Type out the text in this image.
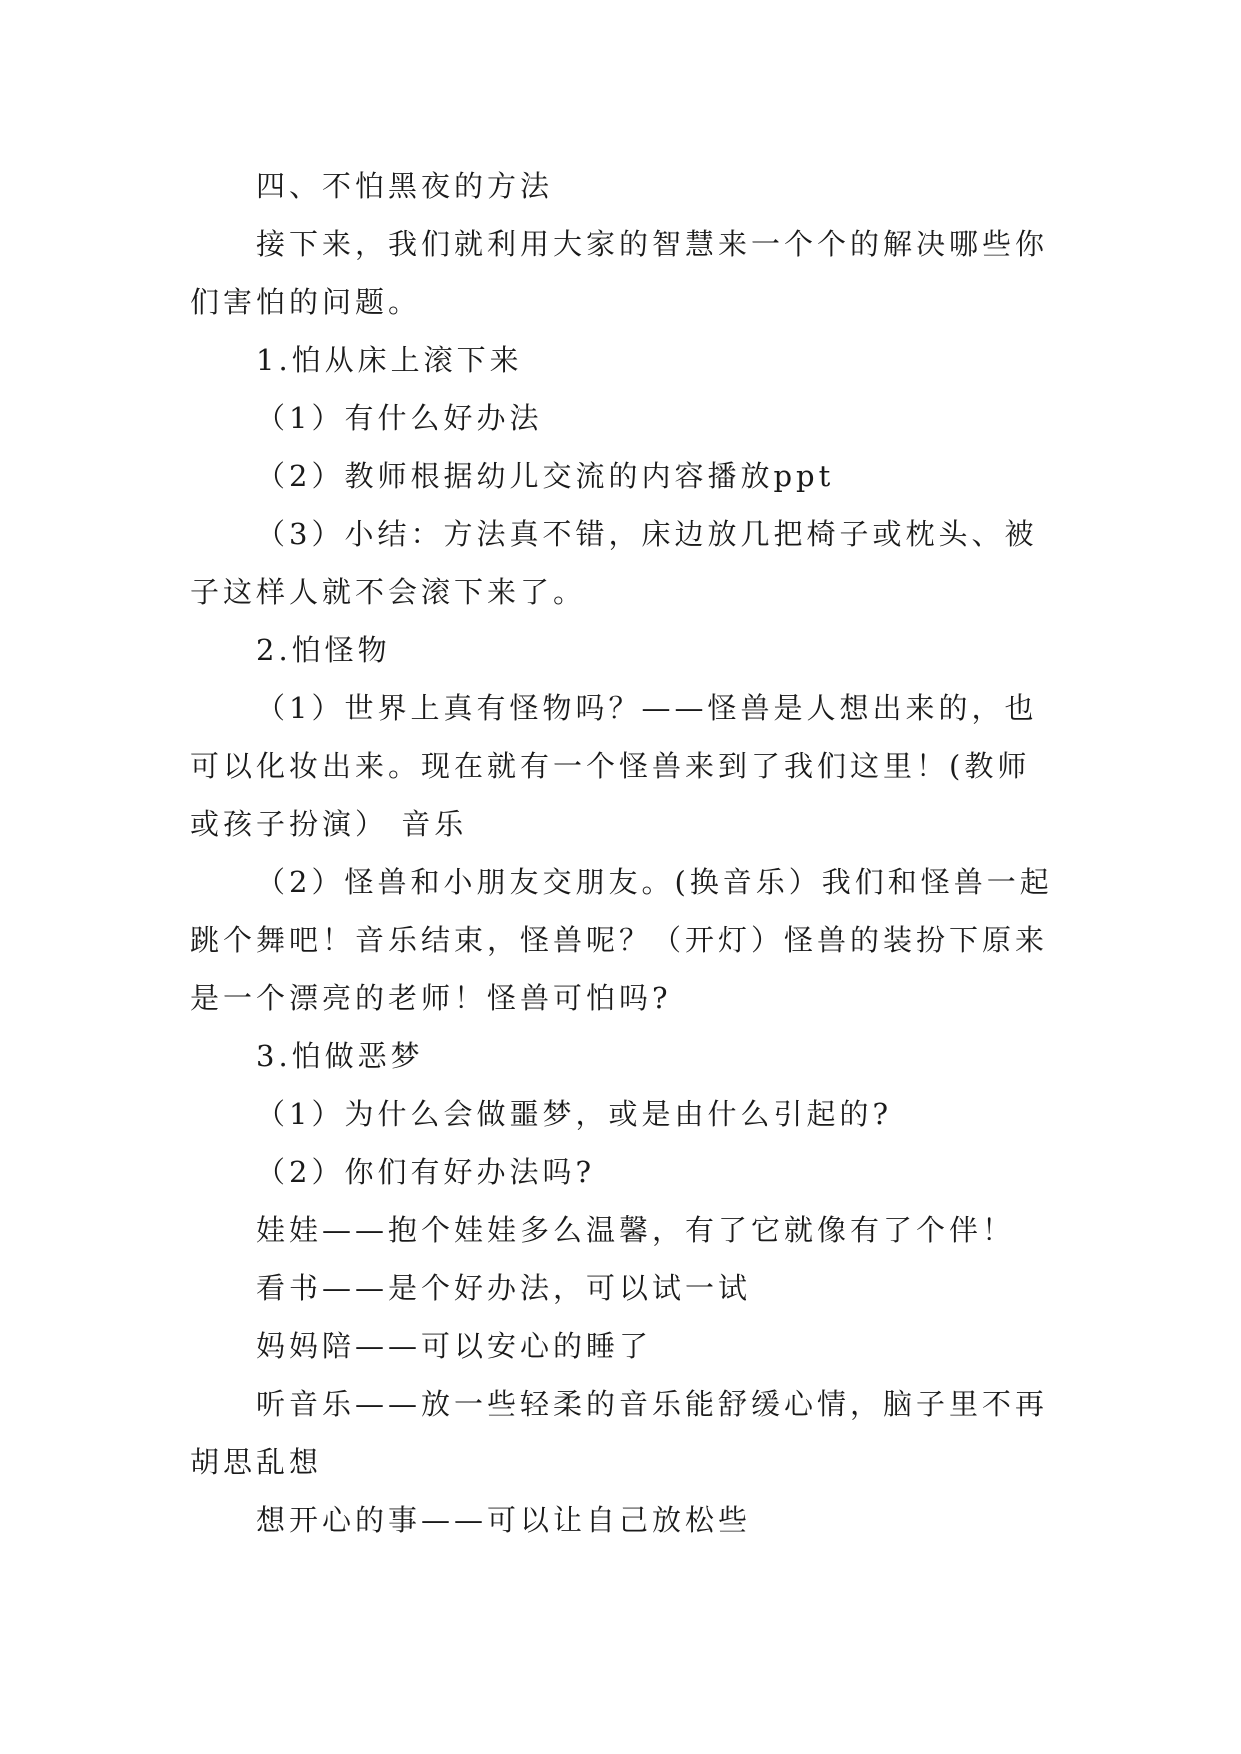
四、不怕黑夜的方法

接下来，我们就利用大家的智慧来一个个的解决哪些你们害怕的问题。

1.怕从床上滚下来

（1）有什么好办法

（2）教师根据幼儿交流的内容播放ppt

（3）小结：方法真不错，床边放几把椅子或枕头、被子这样人就不会滚下来了。

2.怕怪物

（1）世界上真有怪物吗？——怪兽是人想出来的，也可以化妆出来。现在就有一个怪兽来到了我们这里！(教师或孩子扮演） 音乐

（2）怪兽和小朋友交朋友。(换音乐）我们和怪兽一起跳个舞吧！音乐结束，怪兽呢？（开灯）怪兽的装扮下原来是一个漂亮的老师！怪兽可怕吗?

3.怕做恶梦

（1）为什么会做噩梦，或是由什么引起的?

（2）你们有好办法吗?

娃娃——抱个娃娃多么温馨，有了它就像有了个伴！

看书——是个好办法，可以试一试

妈妈陪——可以安心的睡了

听音乐——放一些轻柔的音乐能舒缓心情，脑子里不再胡思乱想

想开心的事——可以让自己放松些
